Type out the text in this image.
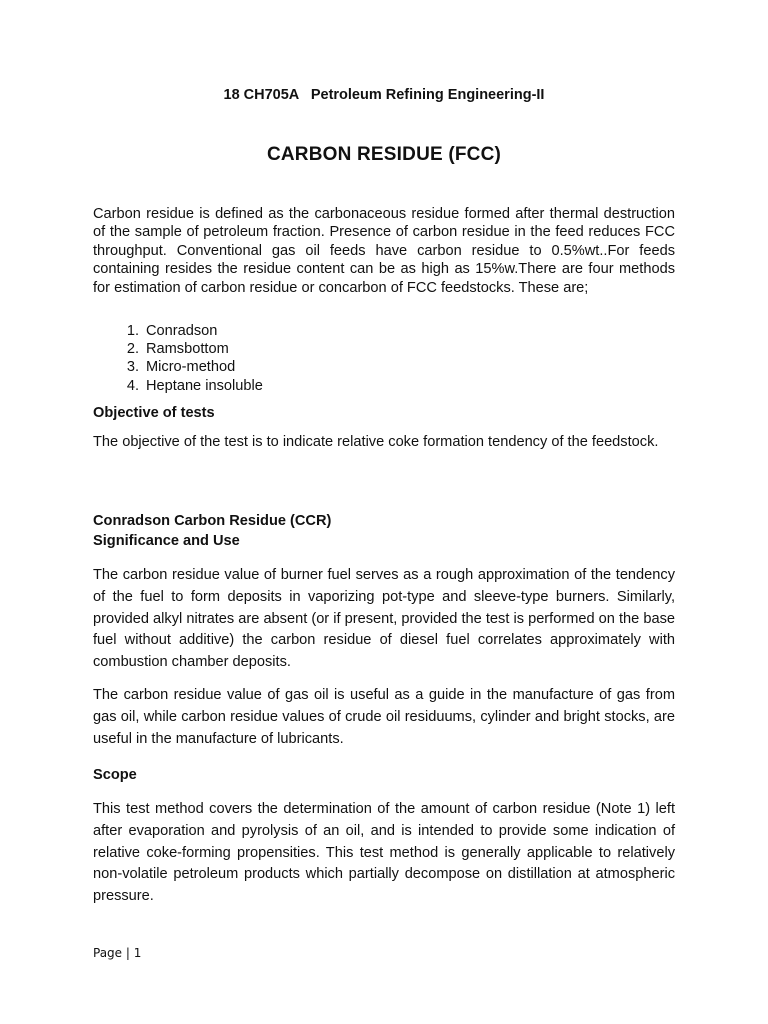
18 CH705A   Petroleum Refining Engineering-II
CARBON RESIDUE (FCC)

Carbon residue is defined as the carbonaceous residue formed after thermal destruction of the sample of petroleum fraction. Presence of carbon residue in the feed reduces FCC throughput. Conventional gas oil feeds have carbon residue to 0.5%wt..For feeds containing resides the residue content can be as high as 15%w.There are four methods for estimation of carbon residue or concarbon of FCC feedstocks. These are;

1. Conradson
2. Ramsbottom
3. Micro-method
4. Heptane insoluble
Objective of tests

The objective of the test is to indicate relative coke formation tendency of the feedstock.

Conradson Carbon Residue (CCR)
Significance and Use

The carbon residue value of burner fuel serves as a rough approximation of the tendency of the fuel to form deposits in vaporizing pot-type and sleeve-type burners. Similarly, provided alkyl nitrates are absent (or if present, provided the test is performed on the base fuel without additive) the carbon residue of diesel fuel correlates approximately with combustion chamber deposits.

The carbon residue value of gas oil is useful as a guide in the manufacture of gas from gas oil, while carbon residue values of crude oil residuums, cylinder and bright stocks, are useful in the manufacture of lubricants.

Scope

This test method covers the determination of the amount of carbon residue (Note 1) left after evaporation and pyrolysis of an oil, and is intended to provide some indication of relative coke-forming propensities. This test method is generally applicable to relatively non-volatile petroleum products which partially decompose on distillation at atmospheric pressure.

Page | 1
